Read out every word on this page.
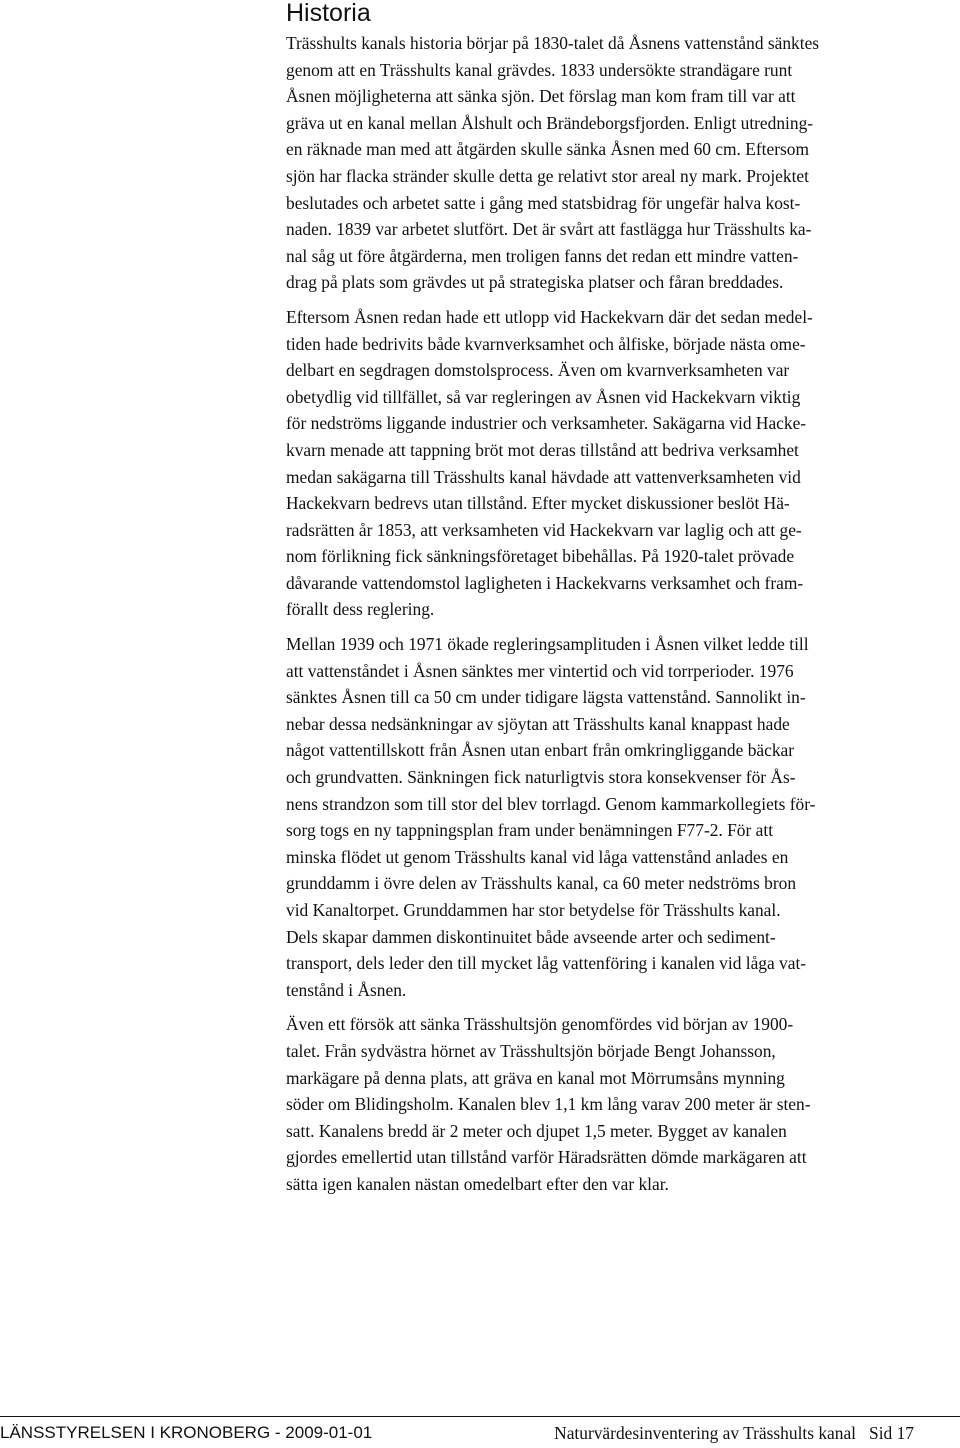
Historia

Trässhults kanals historia börjar på 1830-talet då Åsnens vattenstånd sänktes
genom att en Trässhults kanal grävdes. 1833 undersökte strandägare runt
Åsnen möjligheterna att sänka sjön. Det förslag man kom fram till var att
gräva ut en kanal mellan Ålshult och Brändeborgsfjorden. Enligt utredning-
en räknade man med att åtgärden skulle sänka Åsnen med 60 cm. Eftersom
sjön har flacka stränder skulle detta ge relativt stor areal ny mark. Projektet
beslutades och arbetet satte i gång med statsbidrag för ungefär halva kost-
naden. 1839 var arbetet slutfört. Det är svårt att fastlägga hur Trässhults ka-
nal såg ut före åtgärderna, men troligen fanns det redan ett mindre vatten-
drag på plats som grävdes ut på strategiska platser och fåran breddades.

Eftersom Åsnen redan hade ett utlopp vid Hackekvarn där det sedan medel-
tiden hade bedrivits både kvarnverksamhet och ålfiske, började nästa ome-
delbart en segdragen domstolsprocess. Även om kvarnverksamheten var
obetydlig vid tillfället, så var regleringen av Åsnen vid Hackekvarn viktig
för nedströms liggande industrier och verksamheter. Sakägarna vid Hacke-
kvarn menade att tappning bröt mot deras tillstånd att bedriva verksamhet
medan sakägarna till Trässhults kanal hävdade att vattenverksamheten vid
Hackekvarn bedrevs utan tillstånd. Efter mycket diskussioner beslöt Hä-
radsrätten år 1853, att verksamheten vid Hackekvarn var laglig och att ge-
nom förlikning fick sänkningsföretaget bibehållas. På 1920-talet prövade
dåvarande vattendomstol lagligheten i Hackekvarns verksamhet och fram-
förallt dess reglering.

Mellan 1939 och 1971 ökade regleringsamplituden i Åsnen vilket ledde till
att vattenståndet i Åsnen sänktes mer vintertid och vid torrperioder. 1976
sänktes Åsnen till ca 50 cm under tidigare lägsta vattenstånd. Sannolikt in-
nebar dessa nedsänkningar av sjöytan att Trässhults kanal knappast hade
något vattentillskott från Åsnen utan enbart från omkringliggande bäckar
och grundvatten. Sänkningen fick naturligtvis stora konsekvenser för Ås-
nens strandzon som till stor del blev torrlagd. Genom kammarkollegiets för-
sorg togs en ny tappningsplan fram under benämningen F77-2. För att
minska flödet ut genom Trässhults kanal vid låga vattenstånd anlades en
grunddamm i övre delen av Trässhults kanal, ca 60 meter nedströms bron
vid Kanaltorpet. Grunddammen har stor betydelse för Trässhults kanal.
Dels skapar dammen diskontinuitet både avseende arter och sediment-
transport, dels leder den till mycket låg vattenföring i kanalen vid låga vat-
tenstånd i Åsnen.

Även ett försök att sänka Trässhultsjön genomfördes vid början av 1900-
talet. Från sydvästra hörnet av Trässhultsjön började Bengt Johansson,
markägare på denna plats, att gräva en kanal mot Mörrumsåns mynning
söder om Blidingsholm. Kanalen blev 1,1 km lång varav 200 meter är sten-
satt. Kanalens bredd är 2 meter och djupet 1,5 meter. Bygget av kanalen
gjordes emellertid utan tillstånd varför Häradsrätten dömde markägaren att
sätta igen kanalen nästan omedelbart efter den var klar.

LÄNSSTYRELSEN I KRONOBERG - 2009-01-01	Naturvärdesinventering av Trässhults kanal   Sid 17
